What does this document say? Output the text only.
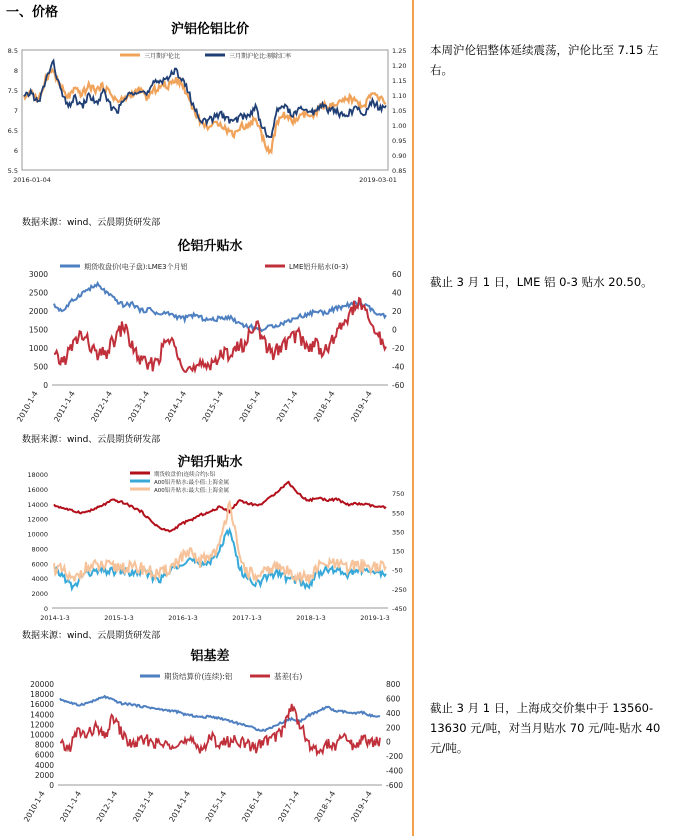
一、价格
沪铝伦铝比价
8.5
8
7.5
7
6.5
6
5.5
1.25
1.20
1.15
1.10
1.05
1.00
0.95
0.90
0.85
2016-01-04	2019-03-01
三月期沪伦比	三月期沪伦比:剔除汇率
数据来源：wind、云晨期货研发部
本周沪伦铝整体延续震荡，沪伦比至 7.15 左右。
伦铝升贴水
3000
2500
2000
1500
1000
500
0
60
40
20
0
-20
-40
-60
2010-1-4 2011-1-4 2012-1-4 2013-1-4 2014-1-4 2015-1-4 2016-1-4 2017-1-4 2018-1-4 2019-1-4
期货收盘价(电子盘):LME3个月铝	LME铝升贴水(0-3)
数据来源：wind、云晨期货研发部
截止 3 月 1 日，LME 铝 0-3 贴水 20.50。
沪铝升贴水
18000
16000
14000
12000
10000
8000
6000
4000
2000
0
750
550
350
150
-50
-250
-450
2014-1-3	2015-1-3	2016-1-3	2017-1-3	2018-1-3	2019-1-3
期货收盘价(连续合约):铝
A00铝升贴水:最小值:上海金属
A00铝升贴水:最大值:上海金属
数据来源：wind、云晨期货研发部
铝基差
20000
18000
16000
14000
12000
10000
8000
6000
4000
2000
0
800
600
400
200
0
-200
-400
-600
2010-1-4 2011-1-4 2012-1-4 2013-1-4 2014-1-4 2015-1-4 2016-1-4 2017-1-4 2018-1-4 2019-1-4
期货结算价(连续):铝	基差(右)
截止 3 月 1 日，上海成交价集中于 13560-13630 元/吨，对当月贴水 70 元/吨-贴水 40 元/吨。
